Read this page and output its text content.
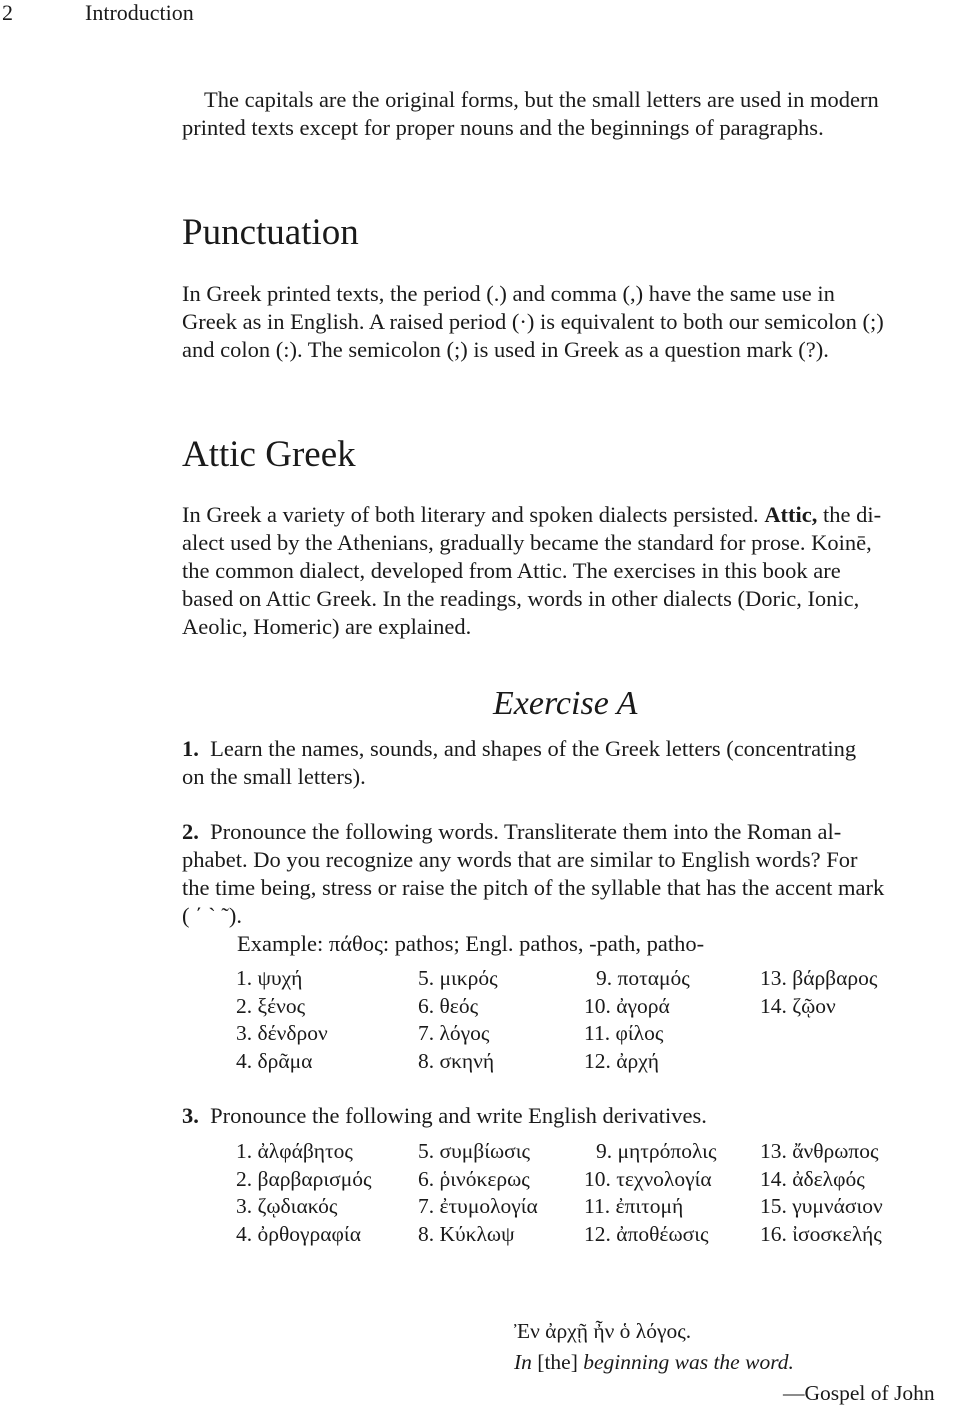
2	Introduction
The capitals are the original forms, but the small letters are used in modern
printed texts except for proper nouns and the beginnings of paragraphs.
Punctuation
In Greek printed texts, the period (.) and comma (,) have the same use in
Greek as in English. A raised period (·) is equivalent to both our semicolon (;)
and colon (:). The semicolon (;) is used in Greek as a question mark (?).
Attic Greek
In Greek a variety of both literary and spoken dialects persisted. Attic, the di-
alect used by the Athenians, gradually became the standard for prose. Koinē,
the common dialect, developed from Attic. The exercises in this book are
based on Attic Greek. In the readings, words in other dialects (Doric, Ionic,
Aeolic, Homeric) are explained.
Exercise A
1. Learn the names, sounds, and shapes of the Greek letters (concentrating
on the small letters).
2. Pronounce the following words. Transliterate them into the Roman al-
phabet. Do you recognize any words that are similar to English words? For
the time being, stress or raise the pitch of the syllable that has the accent mark
( ΄ ` ῀).
Example: πάθος: pathos; Engl. pathos, -path, patho-
1. ψυχή	5. μικρός	9. ποταμός	13. βάρβαρος
2. ξένος	6. θεός	10. ἀγορά	14. ζῷον
3. δένδρον	7. λόγος	11. φίλος
4. δρᾶμα	8. σκηνή	12. ἀρχή
3. Pronounce the following and write English derivatives.
1. ἀλφάβητος	5. συμβίωσις	9. μητρόπολις 13. ἄνθρωπος
2. βαρβαρισμός 6. ῥινόκερως	10. τεχνολογία 14. ἀδελφός
3. ζῳδιακός	7. ἐτυμολογία 11. ἐπιτομή	15. γυμνάσιον
4. ὀρθογραφία	8. Κύκλωψ	12. ἀποθέωσις 16. ἰσοσκελής
Ἐν ἀρχῇ ἦν ὁ λόγος.
In [the] beginning was the word.
—Gospel of John
